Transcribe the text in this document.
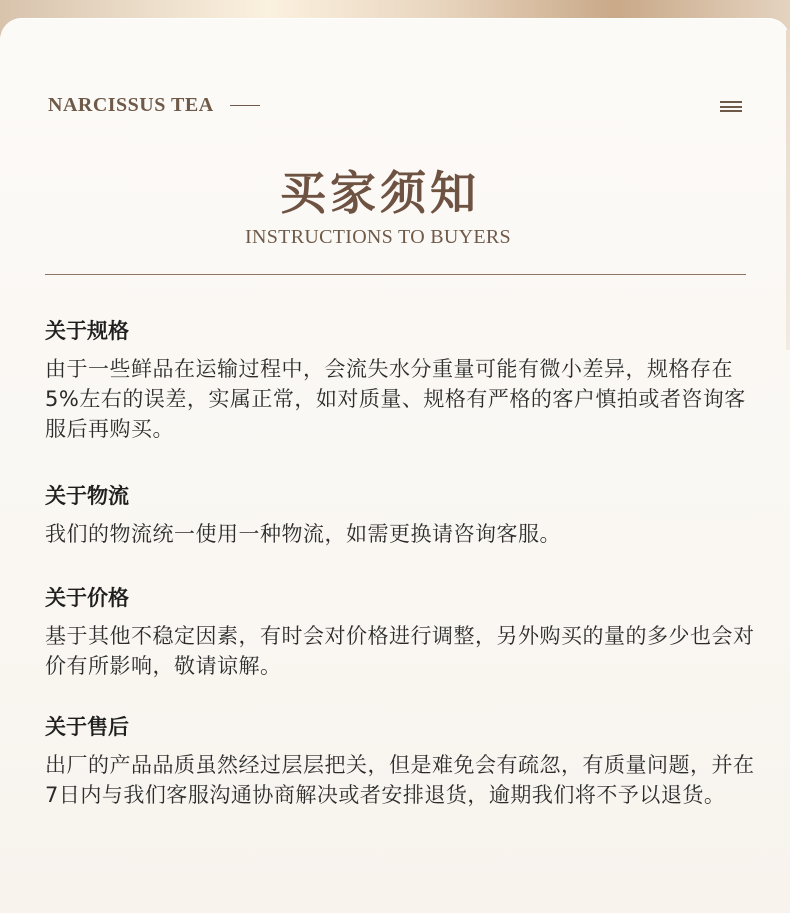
NARCISSUS TEA
买家须知
INSTRUCTIONS TO BUYERS
关于规格
由于一些鲜品在运输过程中，会流失水分重量可能有微小差异，规格存在5%左右的误差，实属正常，如对质量、规格有严格的客户慎拍或者咨询客服后再购买。
关于物流
我们的物流统一使用一种物流，如需更换请咨询客服。
关于价格
基于其他不稳定因素，有时会对价格进行调整，另外购买的量的多少也会对价有所影响，敬请谅解。
关于售后
出厂的产品品质虽然经过层层把关，但是难免会有疏忽，有质量问题，并在7日内与我们客服沟通协商解决或者安排退货，逾期我们将不予以退货。
